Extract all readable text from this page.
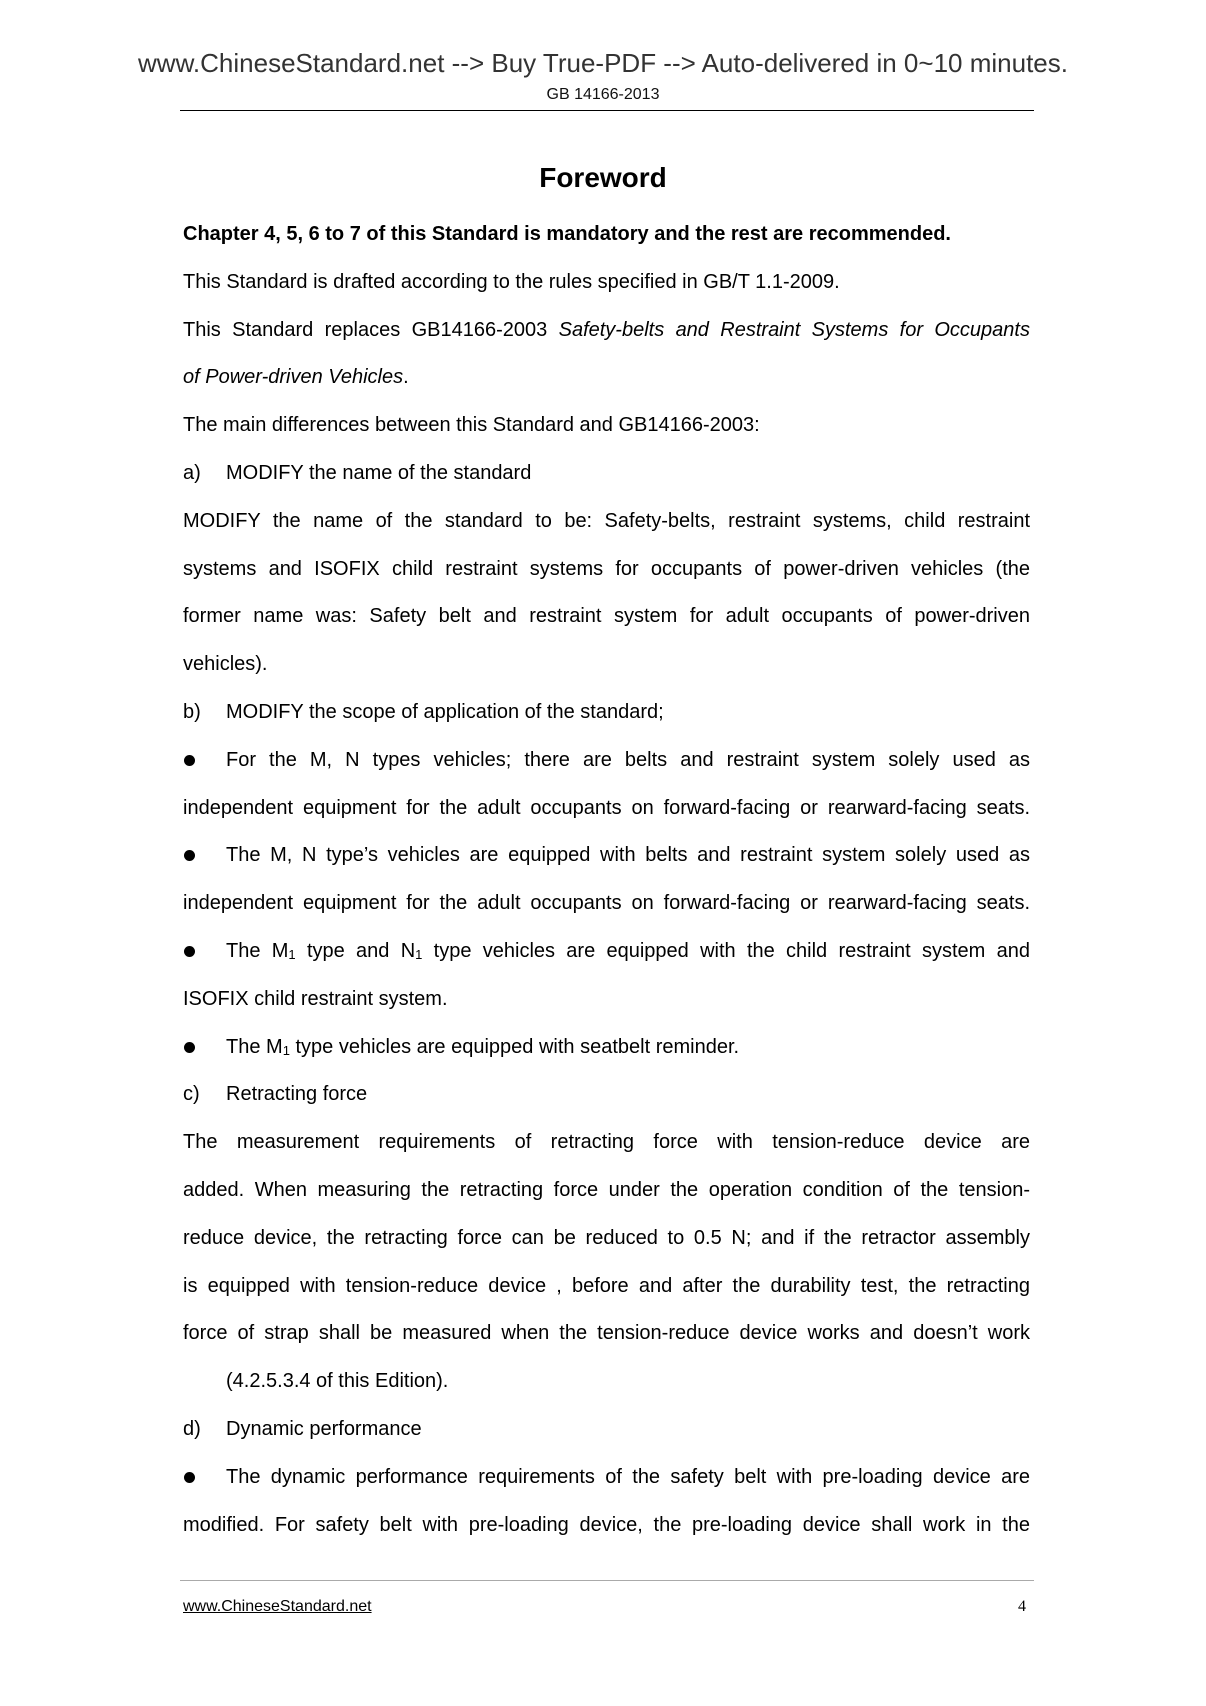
www.ChineseStandard.net --> Buy True-PDF --> Auto-delivered in 0~10 minutes.
GB 14166-2013
Foreword
Chapter 4, 5, 6 to 7 of this Standard is mandatory and the rest are recommended.
This Standard is drafted according to the rules specified in GB/T 1.1-2009.
This Standard replaces GB14166-2003 Safety-belts and Restraint Systems for Occupants
of Power-driven Vehicles.
The main differences between this Standard and GB14166-2003:
a) MODIFY the name of the standard
MODIFY the name of the standard to be: Safety-belts, restraint systems, child restraint
systems and ISOFIX child restraint systems for occupants of power-driven vehicles (the
former name was: Safety belt and restraint system for adult occupants of power-driven
vehicles).
b) MODIFY the scope of application of the standard;
For the M, N types vehicles; there are belts and restraint system solely used as
independent equipment for the adult occupants on forward-facing or rearward-facing seats.
The M, N type’s vehicles are equipped with belts and restraint system solely used as
independent equipment for the adult occupants on forward-facing or rearward-facing seats.
The $M_1$ type and $N_1$ type vehicles are equipped with the child restraint system and
ISOFIX child restraint system.
The $M_1$ type vehicles are equipped with seatbelt reminder.
c) Retracting force
The measurement requirements of retracting force with tension-reduce device are
added. When measuring the retracting force under the operation condition of the tension-
reduce device, the retracting force can be reduced to 0.5 N; and if the retractor assembly
is equipped with tension-reduce device , before and after the durability test, the retracting
force of strap shall be measured when the tension-reduce device works and doesn’t work
(4.2.5.3.4 of this Edition).
d) Dynamic performance
The dynamic performance requirements of the safety belt with pre-loading device are
modified. For safety belt with pre-loading device, the pre-loading device shall work in the
www.ChineseStandard.net	4
